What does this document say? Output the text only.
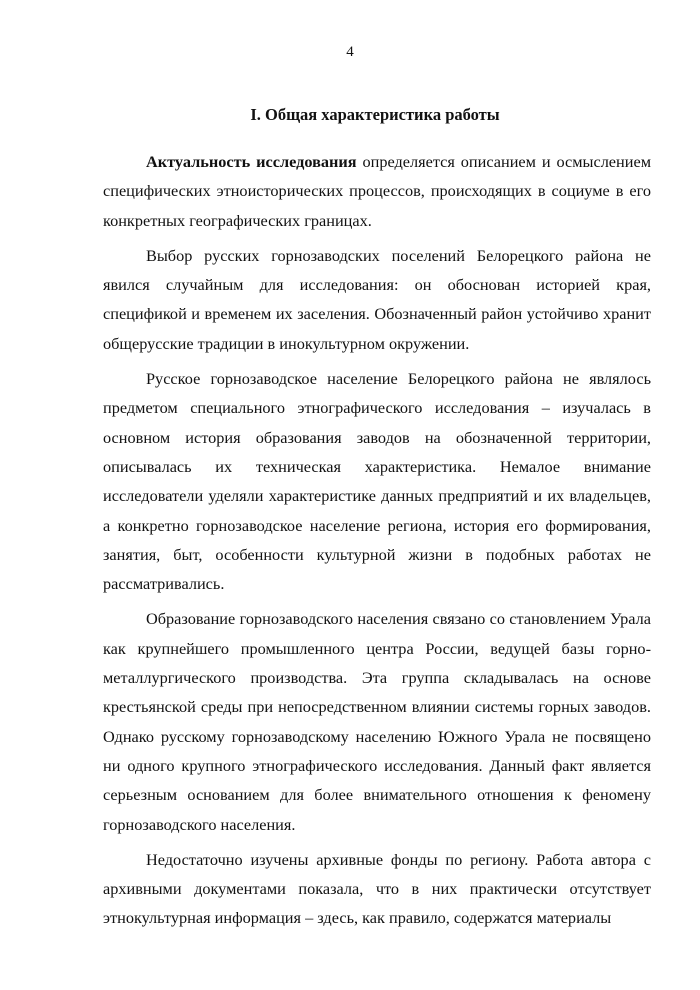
4
I. Общая характеристика работы

Актуальность исследования определяется описанием и осмыслением специфических этноисторических процессов, происходящих в социуме в его конкретных географических границах.

Выбор русских горнозаводских поселений Белорецкого района не явился случайным для исследования: он обоснован историей края, спецификой и временем их заселения. Обозначенный район устойчиво хранит общерусские традиции в инокультурном окружении.

Русское горнозаводское население Белорецкого района не являлось предметом специального этнографического исследования – изучалась в основном история образования заводов на обозначенной территории, описывалась их техническая характеристика. Немалое внимание исследователи уделяли характеристике данных предприятий и их владельцев, а конкретно горнозаводское население региона, история его формирования, занятия, быт, особенности культурной жизни в подобных работах не рассматривались.

Образование горнозаводского населения связано со становлением Урала как крупнейшего промышленного центра России, ведущей базы горно-металлургического производства. Эта группа складывалась на основе крестьянской среды при непосредственном влиянии системы горных заводов. Однако русскому горнозаводскому населению Южного Урала не посвящено ни одного крупного этнографического исследования. Данный факт является серьезным основанием для более внимательного отношения к феномену горнозаводского населения.

Недостаточно изучены архивные фонды по региону. Работа автора с архивными документами показала, что в них практически отсутствует этнокультурная информация – здесь, как правило, содержатся материалы
